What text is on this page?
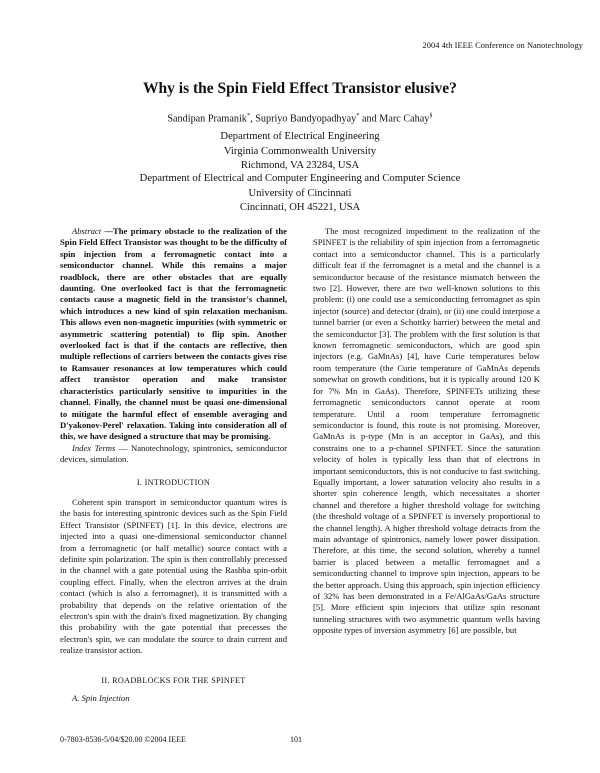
2004 4th IEEE Conference on Nanotechnology
Why is the Spin Field Effect Transistor elusive?
Sandipan Pramanik*, Supriyo Bandyopadhyay* and Marc Cahay§
Department of Electrical Engineering
Virginia Commonwealth University
Richmond, VA 23284, USA
Department of Electrical and Computer Engineering and Computer Science
University of Cincinnati
Cincinnati, OH 45221, USA

Abstract —The primary obstacle to the realization of the Spin Field Effect Transistor was thought to be the difficulty of spin injection from a ferromagnetic contact into a semiconductor channel. While this remains a major roadblock, there are other obstacles that are equally daunting. One overlooked fact is that the ferromagnetic contacts cause a magnetic field in the transistor's channel, which introduces a new kind of spin relaxation mechanism. This allows even non-magnetic impurities (with symmetric or asymmetric scattering potential) to flip spin. Another overlooked fact is that if the contacts are reflective, then multiple reflections of carriers between the contacts gives rise to Ramsauer resonances at low temperatures which could affect transistor operation and make transistor characteristics particularly sensitive to impurities in the channel. Finally, the channel must be quasi one-dimensional to mitigate the harmful effect of ensemble averaging and D'yakonov-Perel' relaxation. Taking into consideration all of this, we have designed a structure that may be promising.

Index Terms — Nanotechnology, spintronics, semiconductor devices, simulation.

I. INTRODUCTION

Coherent spin transport in semiconductor quantum wires is the basis for interesting spintronic devices such as the Spin Field Effect Transistor (SPINFET) [1]. In this device, electrons are injected into a quasi one-dimensional semiconductor channel from a ferromagnetic (or half metallic) source contact with a definite spin polarization. The spin is then controllably precessed in the channel with a gate potential using the Rashba spin-orbit coupling effect. Finally, when the electron arrives at the drain contact (which is also a ferromagnet), it is transmitted with a probability that depends on the relative orientation of the electron's spin with the drain's fixed magnetization. By changing this probability with the gate potential that precesses the electron's spin, we can modulate the source to drain current and realize transistor action.

II. ROADBLOCKS FOR THE SPINFET

A. Spin Injection

The most recognized impediment to the realization of the SPINFET is the reliability of spin injection from a ferromagnetic contact into a semiconductor channel. This is a particularly difficult feat if the ferromagnet is a metal and the channel is a semiconductor because of the resistance mismatch between the two [2]. However, there are two well-known solutions to this problem: (i) one could use a semiconducting ferromagnet as spin injector (source) and detector (drain), or (ii) one could interpose a tunnel barrier (or even a Schottky barrier) between the metal and the semiconductor [3]. The problem with the first solution is that known ferromagnetic semiconductors, which are good spin injectors (e.g. GaMnAs) [4], have Curie temperatures below room temperature (the Curie temperature of GaMnAs depends somewhat on growth conditions, but it is typically around 120 K for 7% Mn in GaAs). Therefore, SPINFETs utilizing these ferromagnetic semiconductors cannot operate at room temperature. Until a room temperature ferromagnetic semiconductor is found, this route is not promising. Moreover, GaMnAs is p-type (Mn is an acceptor in GaAs), and this constrains one to a p-channel SPINFET. Since the saturation velocity of holes is typically less than that of electrons in important semiconductors, this is not conducive to fast switching. Equally important, a lower saturation velocity also results in a shorter spin coherence length, which necessitates a shorter channel and therefore a higher threshold voltage for switching (the threshold voltage of a SPINFET is inversely proportional to the channel length). A higher threshold voltage detracts from the main advantage of spintronics, namely lower power dissipation. Therefore, at this time, the second solution, whereby a tunnel barrier is placed between a metallic ferromagnet and a semiconducting channel to improve spin injection, appears to be the better approach. Using this approach, spin injection efficiency of 32% has been demonstrated in a Fe/AlGaAs/GaAs structure [5]. More efficient spin injectors that utilize spin resonant tunneling structures with two asymmetric quantum wells having opposite types of inversion asymmetry [6] are possible, but

0-7803-8536-5/04/$20.00 ©2004 IEEE	101
